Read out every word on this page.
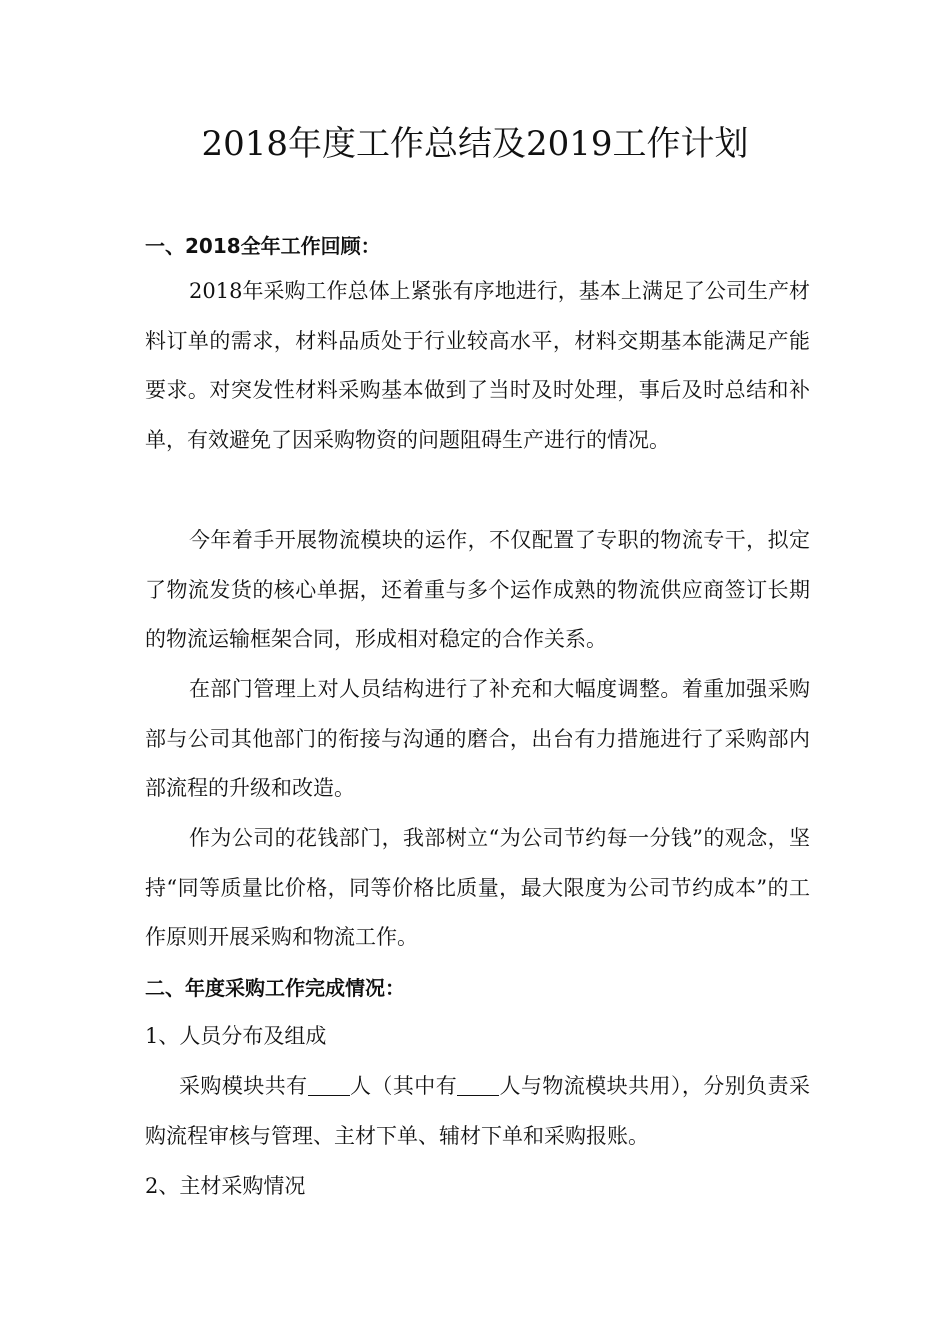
2018年度工作总结及2019工作计划

一、2018全年工作回顾：

2018年采购工作总体上紧张有序地进行，基本上满足了公司生产材料订单的需求，材料品质处于行业较高水平，材料交期基本能满足产能要求。对突发性材料采购基本做到了当时及时处理，事后及时总结和补单，有效避免了因采购物资的问题阻碍生产进行的情况。

今年着手开展物流模块的运作，不仅配置了专职的物流专干，拟定了物流发货的核心单据，还着重与多个运作成熟的物流供应商签订长期的物流运输框架合同，形成相对稳定的合作关系。

在部门管理上对人员结构进行了补充和大幅度调整。着重加强采购部与公司其他部门的衔接与沟通的磨合，出台有力措施进行了采购部内部流程的升级和改造。

作为公司的花钱部门，我部树立“为公司节约每一分钱”的观念，坚持“同等质量比价格，同等价格比质量，最大限度为公司节约成本”的工作原则开展采购和物流工作。

二、年度采购工作完成情况：

1、人员分布及组成

采购模块共有 人（其中有 人与物流模块共用），分别负责采购流程审核与管理、主材下单、辅材下单和采购报账。

2、主材采购情况
